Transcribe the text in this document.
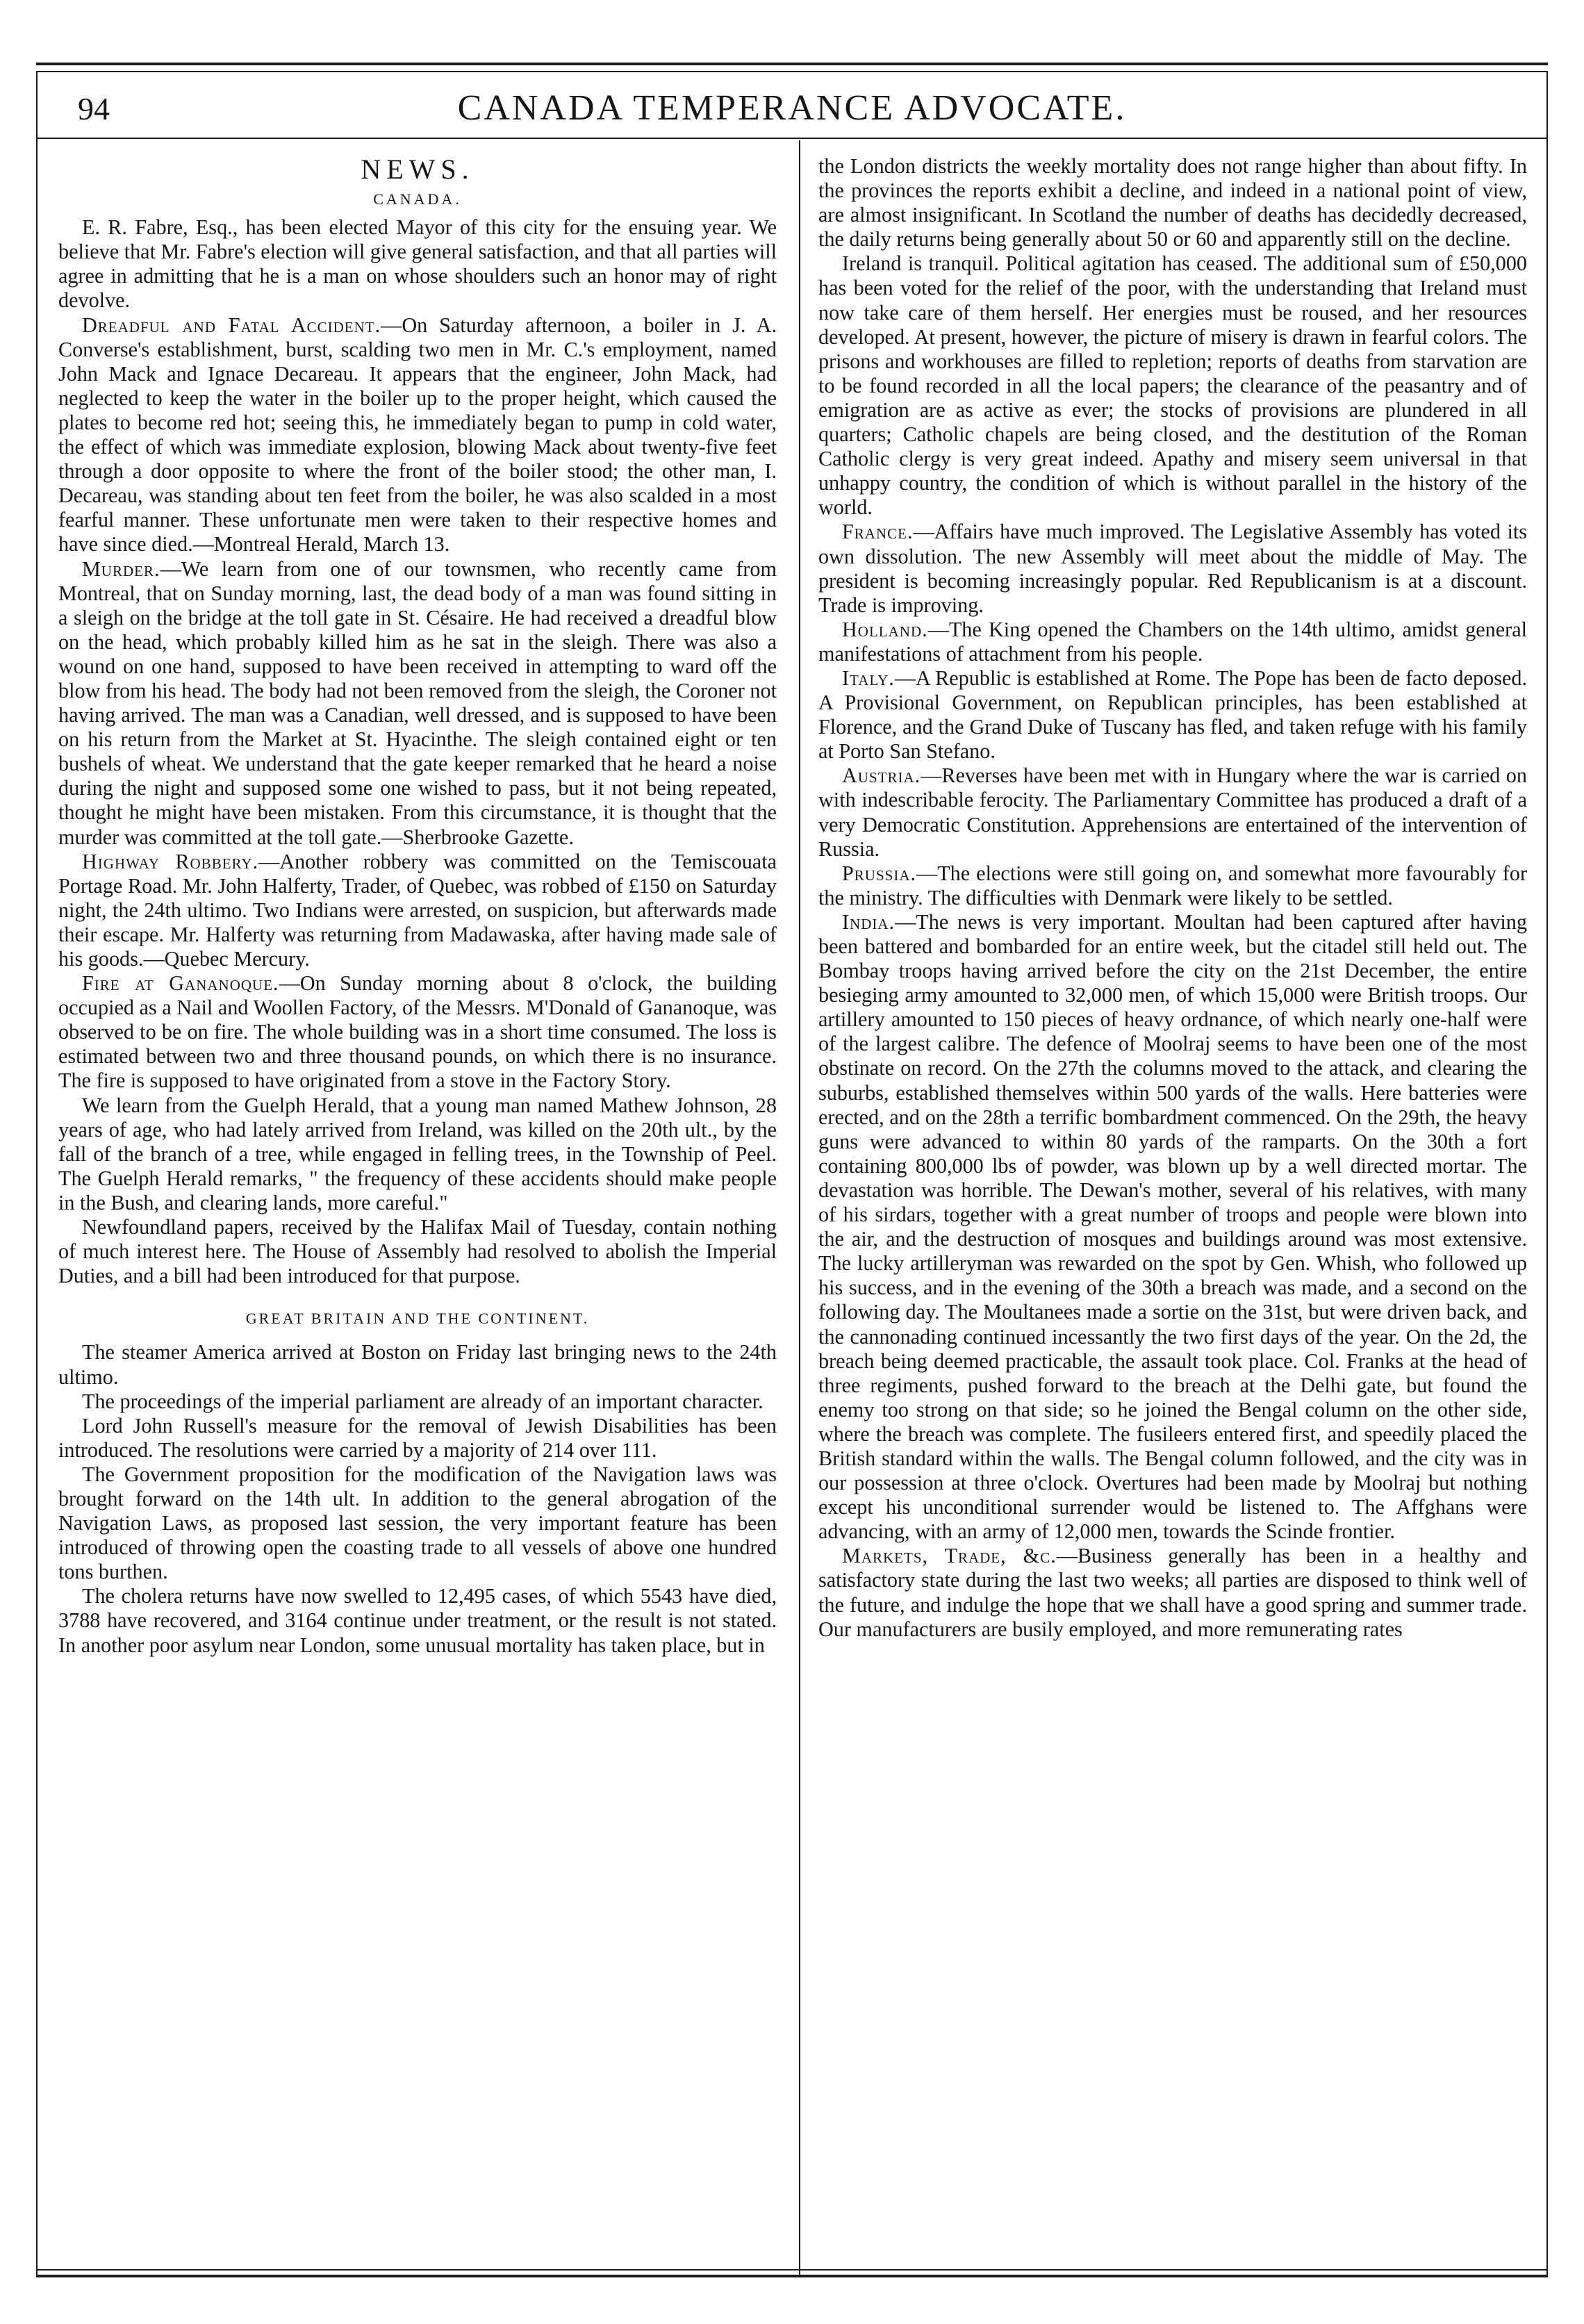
94	CANADA TEMPERANCE ADVOCATE.
NEWS.
CANADA.

E. R. Fabre, Esq., has been elected Mayor of this city for the ensuing year. We believe that Mr. Fabre's election will give general satisfaction, and that all parties will agree in admitting that he is a man on whose shoulders such an honor may of right devolve.

Dreadful and Fatal Accident.—On Saturday afternoon, a boiler in J. A. Converse's establishment, burst, scalding two men in Mr. C.'s employment, named John Mack and Ignace Decareau. It appears that the engineer, John Mack, had neglected to keep the water in the boiler up to the proper height, which caused the plates to become red hot; seeing this, he immediately began to pump in cold water, the effect of which was immediate explosion, blowing Mack about twenty-five feet through a door opposite to where the front of the boiler stood; the other man, I. Decareau, was standing about ten feet from the boiler, he was also scalded in a most fearful manner. These unfortunate men were taken to their respective homes and have since died.—Montreal Herald, March 13.

Murder.—We learn from one of our townsmen, who recently came from Montreal, that on Sunday morning, last, the dead body of a man was found sitting in a sleigh on the bridge at the toll gate in St. Césaire. He had received a dreadful blow on the head, which probably killed him as he sat in the sleigh. There was also a wound on one hand, supposed to have been received in attempting to ward off the blow from his head. The body had not been removed from the sleigh, the Coroner not having arrived. The man was a Canadian, well dressed, and is supposed to have been on his return from the Market at St. Hyacinthe. The sleigh contained eight or ten bushels of wheat. We understand that the gate keeper remarked that he heard a noise during the night and supposed some one wished to pass, but it not being repeated, thought he might have been mistaken. From this circumstance, it is thought that the murder was committed at the toll gate.—Sherbrooke Gazette.

Highway Robbery.—Another robbery was committed on the Temiscouata Portage Road. Mr. John Halferty, Trader, of Quebec, was robbed of £150 on Saturday night, the 24th ultimo. Two Indians were arrested, on suspicion, but afterwards made their escape. Mr. Halferty was returning from Madawaska, after having made sale of his goods.—Quebec Mercury.

Fire at Gananoque.—On Sunday morning about 8 o'clock, the building occupied as a Nail and Woollen Factory, of the Messrs. M'Donald of Gananoque, was observed to be on fire. The whole building was in a short time consumed. The loss is estimated between two and three thousand pounds, on which there is no insurance. The fire is supposed to have originated from a stove in the Factory Story.

We learn from the Guelph Herald, that a young man named Mathew Johnson, 28 years of age, who had lately arrived from Ireland, was killed on the 20th ult., by the fall of the branch of a tree, while engaged in felling trees, in the Township of Peel. The Guelph Herald remarks, " the frequency of these accidents should make people in the Bush, and clearing lands, more careful."

Newfoundland papers, received by the Halifax Mail of Tuesday, contain nothing of much interest here. The House of Assembly had resolved to abolish the Imperial Duties, and a bill had been introduced for that purpose.

GREAT BRITAIN AND THE CONTINENT.

The steamer America arrived at Boston on Friday last bringing news to the 24th ultimo.

The proceedings of the imperial parliament are already of an important character.

Lord John Russell's measure for the removal of Jewish Disabilities has been introduced. The resolutions were carried by a majority of 214 over 111.

The Government proposition for the modification of the Navigation laws was brought forward on the 14th ult. In addition to the general abrogation of the Navigation Laws, as proposed last session, the very important feature has been introduced of throwing open the coasting trade to all vessels of above one hundred tons burthen.

The cholera returns have now swelled to 12,495 cases, of which 5543 have died, 3788 have recovered, and 3164 continue under treatment, or the result is not stated. In another poor asylum near London, some unusual mortality has taken place, but in

the London districts the weekly mortality does not range higher than about fifty. In the provinces the reports exhibit a decline, and indeed in a national point of view, are almost insignificant. In Scotland the number of deaths has decidedly decreased, the daily returns being generally about 50 or 60 and apparently still on the decline.

Ireland is tranquil. Political agitation has ceased. The additional sum of £50,000 has been voted for the relief of the poor, with the understanding that Ireland must now take care of them herself. Her energies must be roused, and her resources developed. At present, however, the picture of misery is drawn in fearful colors. The prisons and workhouses are filled to repletion; reports of deaths from starvation are to be found recorded in all the local papers; the clearance of the peasantry and of emigration are as active as ever; the stocks of provisions are plundered in all quarters; Catholic chapels are being closed, and the destitution of the Roman Catholic clergy is very great indeed. Apathy and misery seem universal in that unhappy country, the condition of which is without parallel in the history of the world.

France.—Affairs have much improved. The Legislative Assembly has voted its own dissolution. The new Assembly will meet about the middle of May. The president is becoming increasingly popular. Red Republicanism is at a discount. Trade is improving.

Holland.—The King opened the Chambers on the 14th ultimo, amidst general manifestations of attachment from his people.

Italy.—A Republic is established at Rome. The Pope has been de facto deposed. A Provisional Government, on Republican principles, has been established at Florence, and the Grand Duke of Tuscany has fled, and taken refuge with his family at Porto San Stefano.

Austria.—Reverses have been met with in Hungary where the war is carried on with indescribable ferocity. The Parliamentary Committee has produced a draft of a very Democratic Constitution. Apprehensions are entertained of the intervention of Russia.

Prussia.—The elections were still going on, and somewhat more favourably for the ministry. The difficulties with Denmark were likely to be settled.

India.—The news is very important. Moultan had been captured after having been battered and bombarded for an entire week, but the citadel still held out. The Bombay troops having arrived before the city on the 21st December, the entire besieging army amounted to 32,000 men, of which 15,000 were British troops. Our artillery amounted to 150 pieces of heavy ordnance, of which nearly one-half were of the largest calibre. The defence of Moolraj seems to have been one of the most obstinate on record. On the 27th the columns moved to the attack, and clearing the suburbs, established themselves within 500 yards of the walls. Here batteries were erected, and on the 28th a terrific bombardment commenced. On the 29th, the heavy guns were advanced to within 80 yards of the ramparts. On the 30th a fort containing 800,000 lbs of powder, was blown up by a well directed mortar. The devastation was horrible. The Dewan's mother, several of his relatives, with many of his sirdars, together with a great number of troops and people were blown into the air, and the destruction of mosques and buildings around was most extensive. The lucky artilleryman was rewarded on the spot by Gen. Whish, who followed up his success, and in the evening of the 30th a breach was made, and a second on the following day. The Moultanees made a sortie on the 31st, but were driven back, and the cannonading continued incessantly the two first days of the year. On the 2d, the breach being deemed practicable, the assault took place. Col. Franks at the head of three regiments, pushed forward to the breach at the Delhi gate, but found the enemy too strong on that side; so he joined the Bengal column on the other side, where the breach was complete. The fusileers entered first, and speedily placed the British standard within the walls. The Bengal column followed, and the city was in our possession at three o'clock. Overtures had been made by Moolraj but nothing except his unconditional surrender would be listened to. The Affghans were advancing, with an army of 12,000 men, towards the Scinde frontier.

Markets, Trade, &c.—Business generally has been in a healthy and satisfactory state during the last two weeks; all parties are disposed to think well of the future, and indulge the hope that we shall have a good spring and summer trade. Our manufacturers are busily employed, and more remunerating rates
